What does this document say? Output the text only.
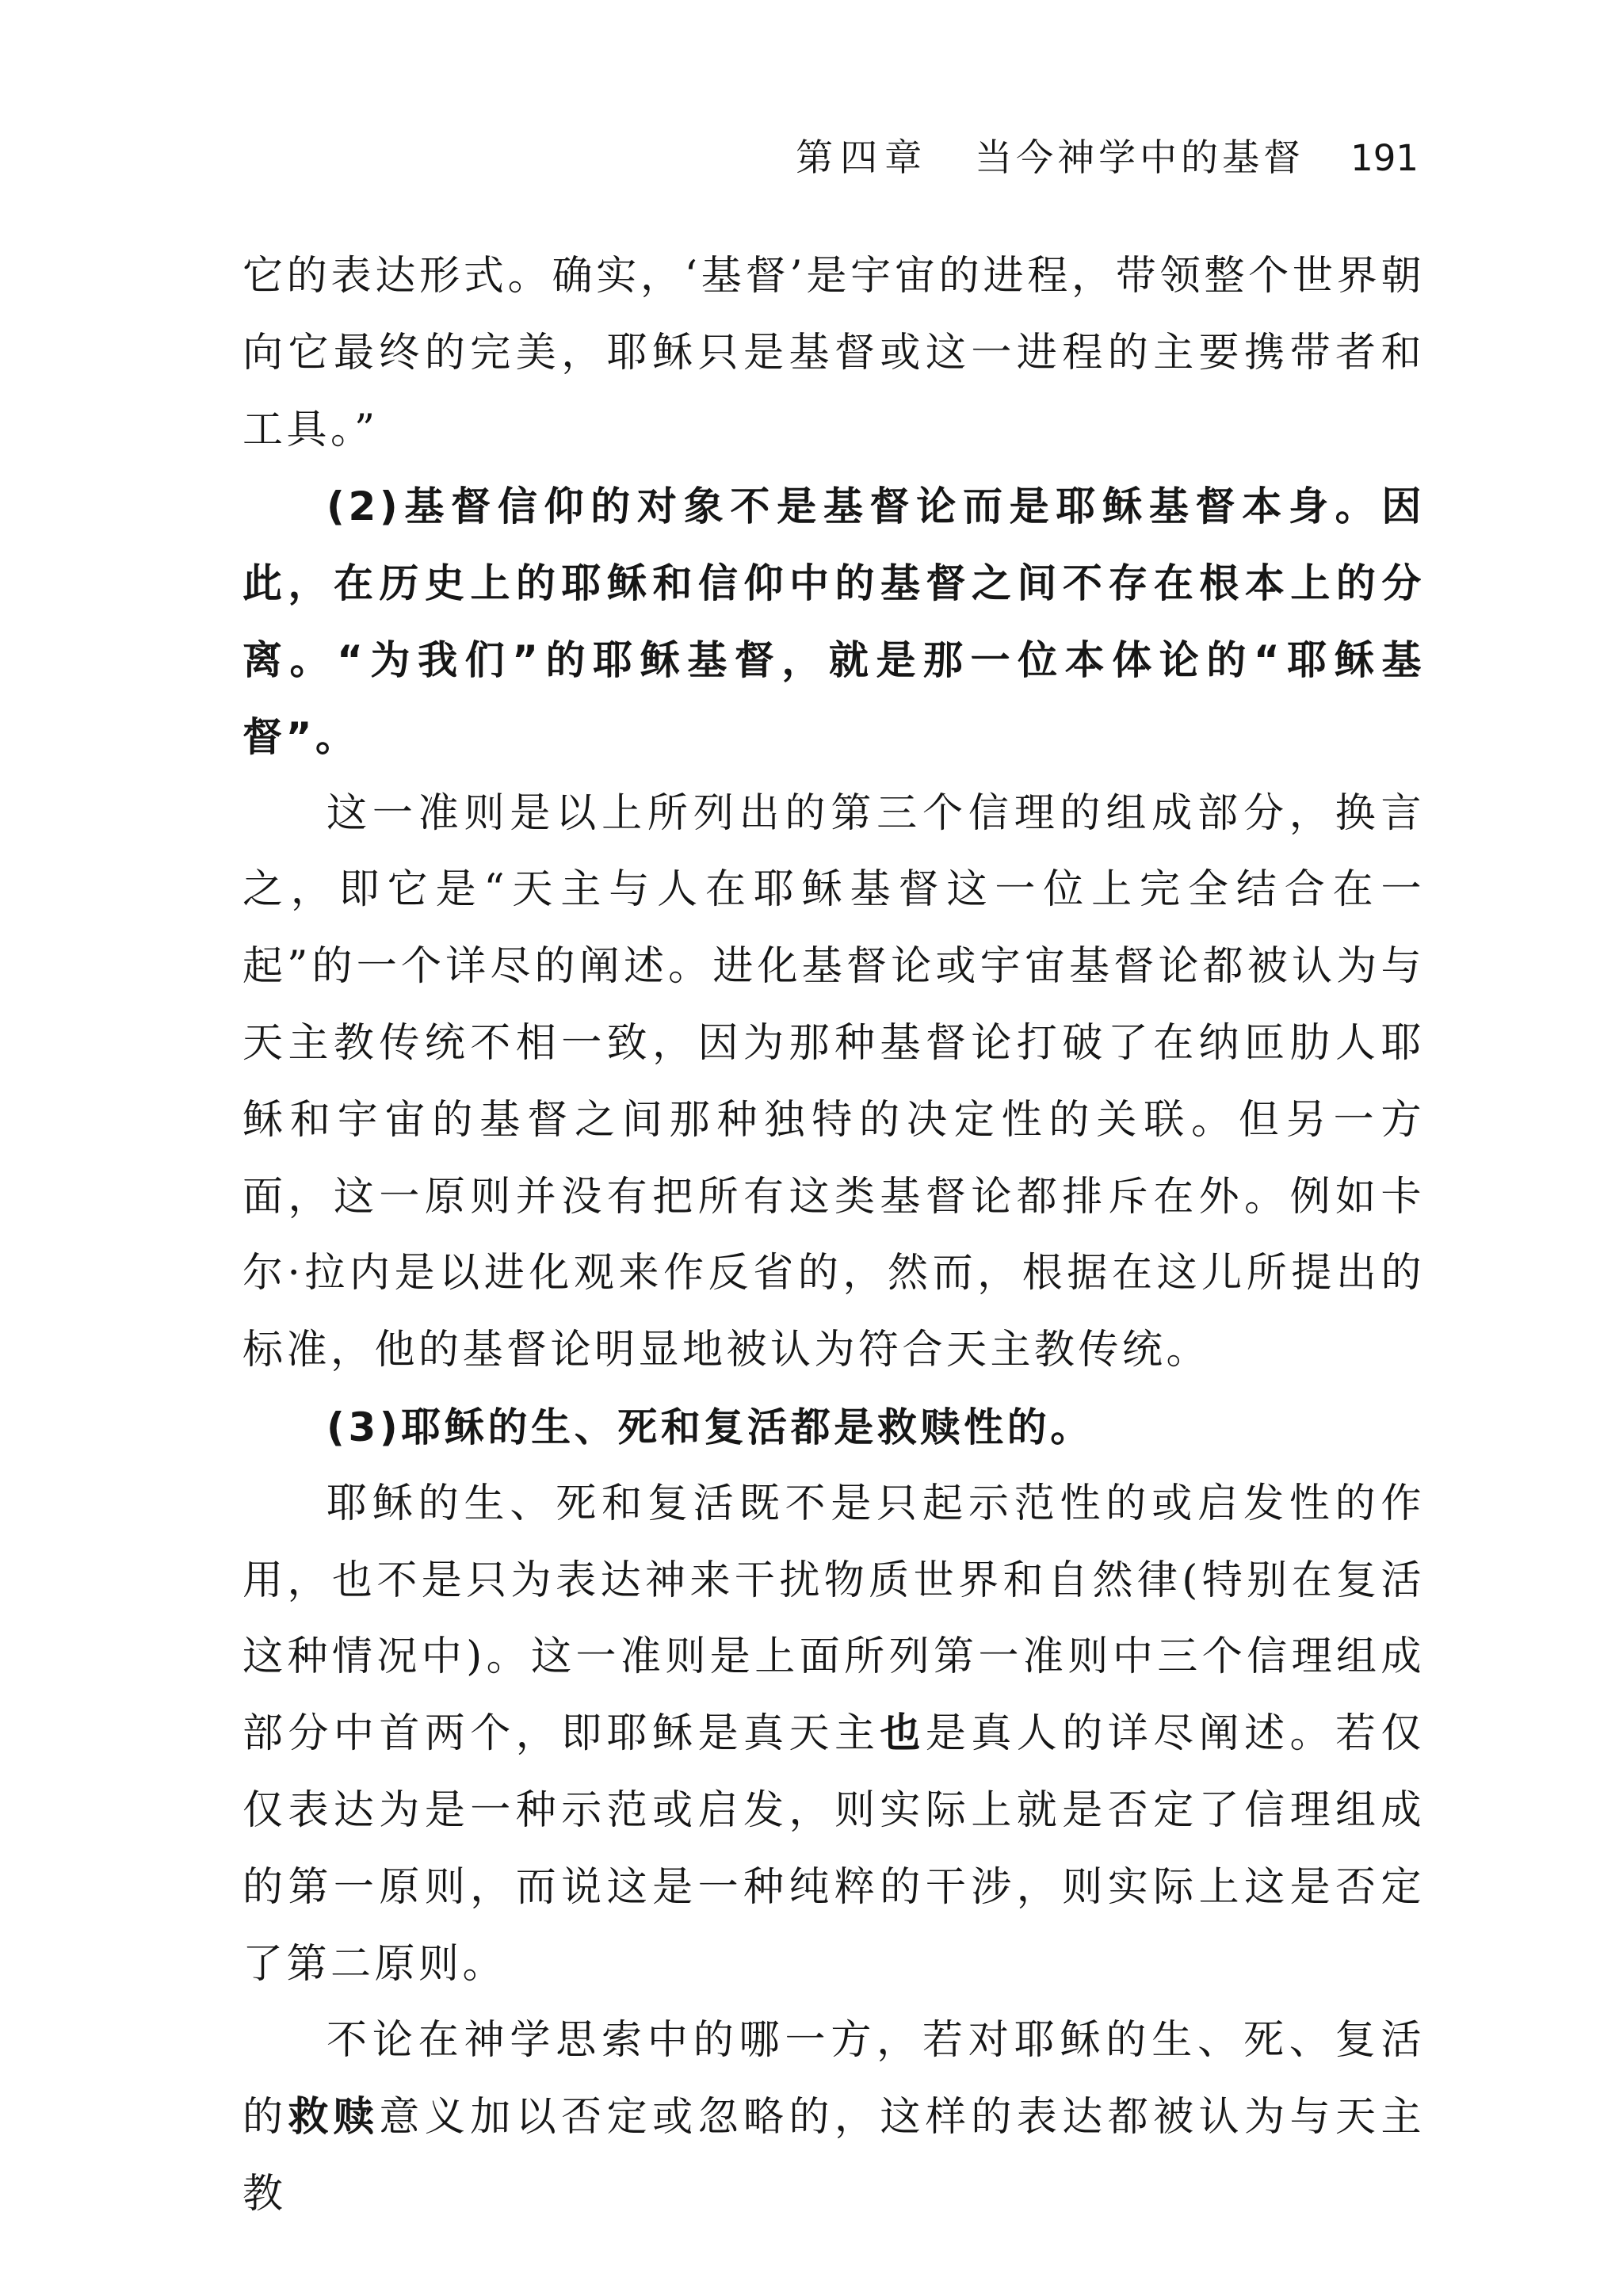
第四章 当今神学中的基督 191

它的表达形式。确实，‘基督’是宇宙的进程，带领整个世界朝向它最终的完美，耶稣只是基督或这一进程的主要携带者和工具。”

(2)基督信仰的对象不是基督论而是耶稣基督本身。因此，在历史上的耶稣和信仰中的基督之间不存在根本上的分离。“为我们”的耶稣基督，就是那一位本体论的“耶稣基督”。

这一准则是以上所列出的第三个信理的组成部分，换言之，即它是“天主与人在耶稣基督这一位上完全结合在一起”的一个详尽的阐述。进化基督论或宇宙基督论都被认为与天主教传统不相一致，因为那种基督论打破了在纳匝肋人耶稣和宇宙的基督之间那种独特的决定性的关联。但另一方面，这一原则并没有把所有这类基督论都排斥在外。例如卡尔·拉内是以进化观来作反省的，然而，根据在这儿所提出的标准，他的基督论明显地被认为符合天主教传统。

(3)耶稣的生、死和复活都是救赎性的。

耶稣的生、死和复活既不是只起示范性的或启发性的作用，也不是只为表达神来干扰物质世界和自然律(特别在复活这种情况中)。这一准则是上面所列第一准则中三个信理组成部分中首两个，即耶稣是真天主也是真人的详尽阐述。若仅仅表达为是一种示范或启发，则实际上就是否定了信理组成的第一原则，而说这是一种纯粹的干涉，则实际上这是否定了第二原则。

不论在神学思索中的哪一方，若对耶稣的生、死、复活的救赎意义加以否定或忽略的，这样的表达都被认为与天主教
